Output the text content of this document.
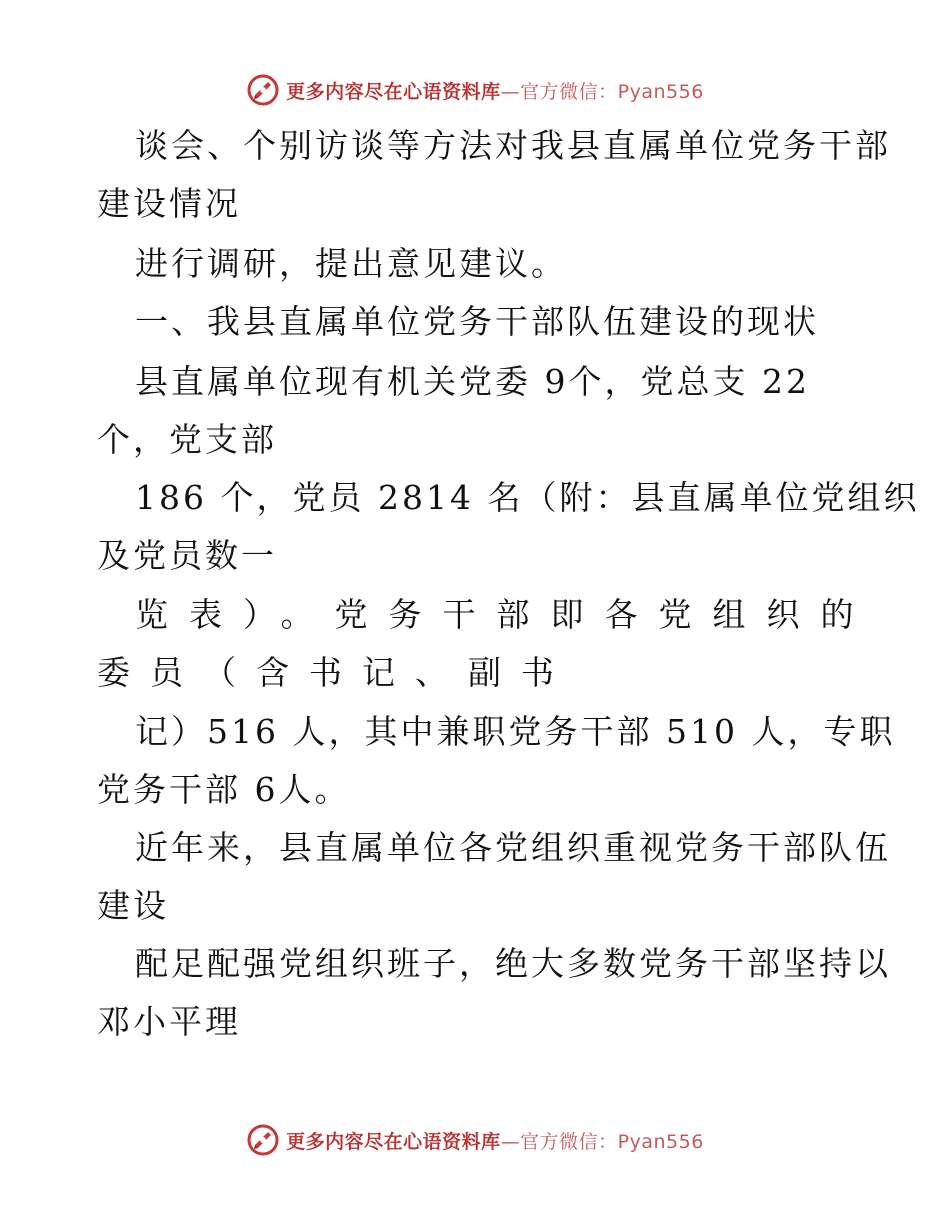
更多内容尽在心语资料库—官方微信：Pyan556
谈会、个别访谈等方法对我县直属单位党务干部
建设情况
进行调研，提出意见建议。
一、我县直属单位党务干部队伍建设的现状
县直属单位现有机关党委 9个，党总支 22
个，党支部
186 个，党员 2814 名（附：县直属单位党组织
及党员数一
览表）。党务干部即各党组织的
委员（含书记、副书
记）516 人，其中兼职党务干部 510 人，专职
党务干部 6人。
近年来，县直属单位各党组织重视党务干部队伍
建设
配足配强党组织班子，绝大多数党务干部坚持以
邓小平理
更多内容尽在心语资料库—官方微信：Pyan556
